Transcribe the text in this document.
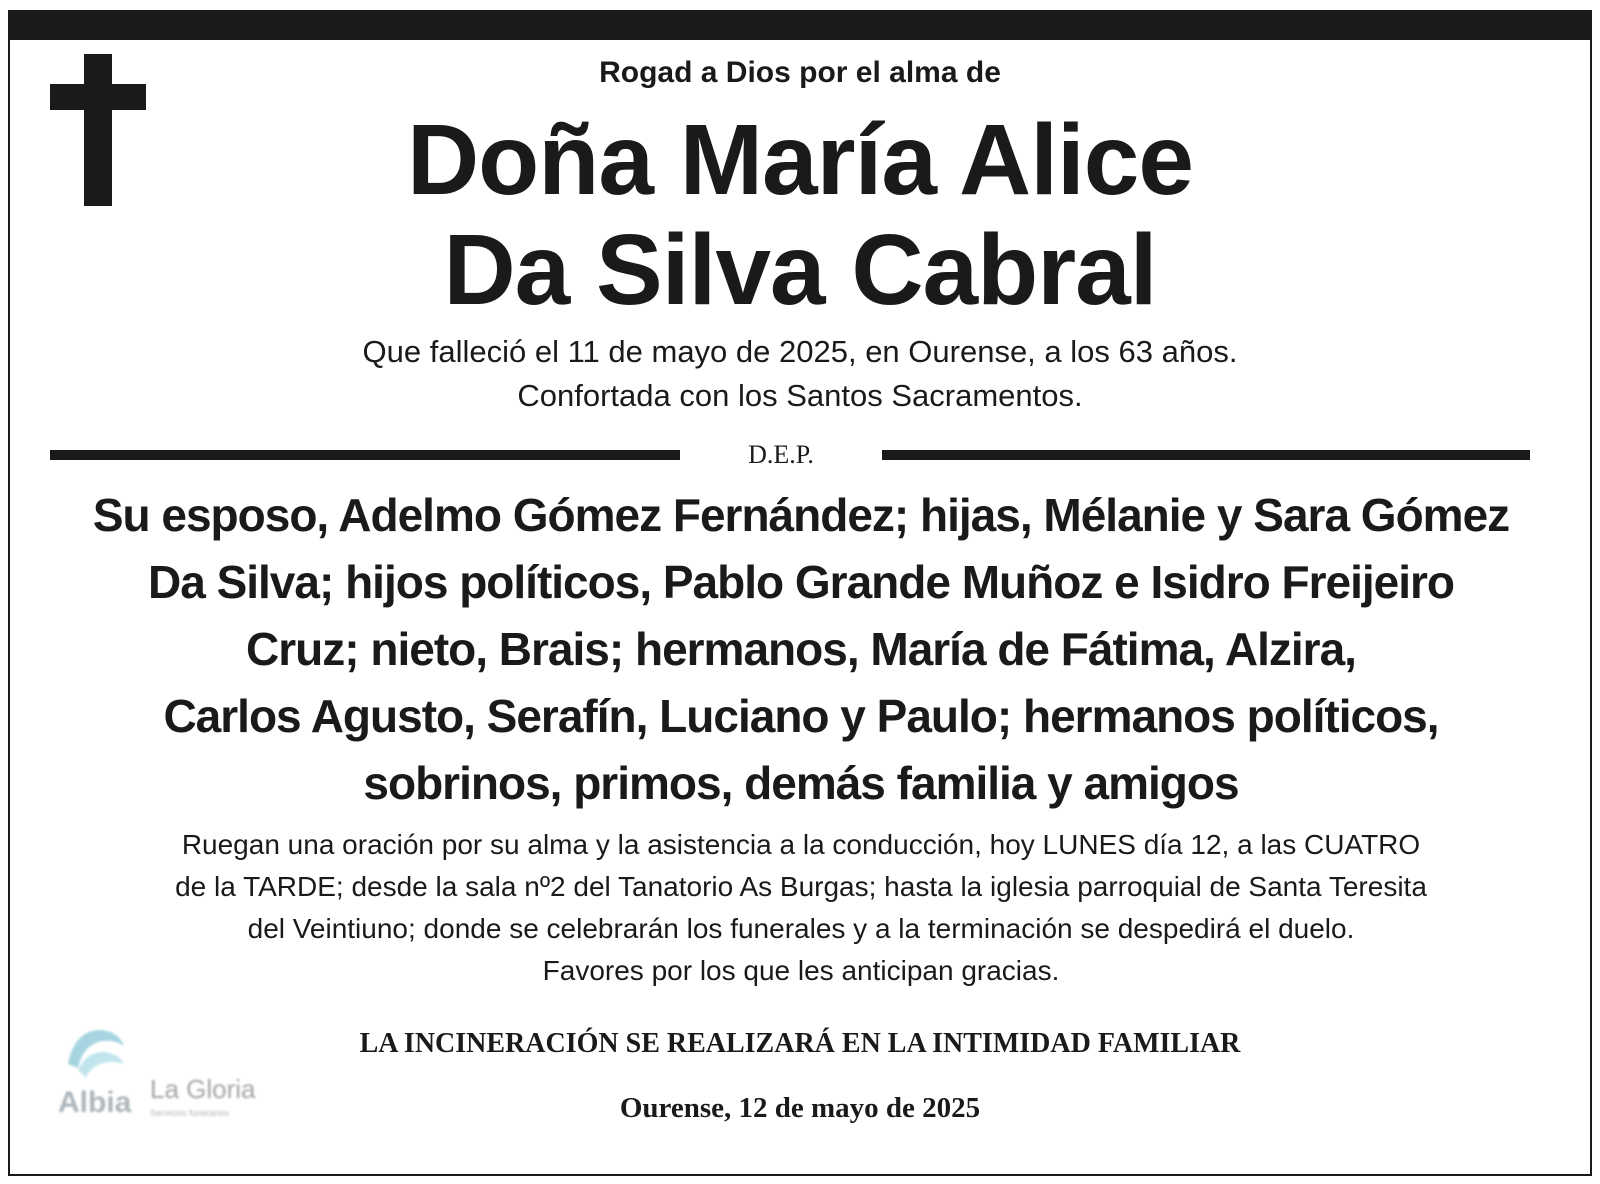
Rogad a Dios por el alma de

Doña María Alice

Da Silva Cabral

Que falleció el 11 de mayo de 2025, en Ourense, a los 63 años.
Confortada con los Santos Sacramentos.

D.E.P.

Su esposo, Adelmo Gómez Fernández; hijas, Mélanie y Sara Gómez
Da Silva; hijos políticos, Pablo Grande Muñoz e Isidro Freijeiro
Cruz; nieto, Brais; hermanos, María de Fátima, Alzira,
Carlos Agusto, Serafín, Luciano y Paulo; hermanos políticos,
sobrinos, primos, demás familia y amigos

Ruegan una oración por su alma y la asistencia a la conducción, hoy LUNES día 12, a las CUATRO
de la TARDE; desde la sala nº2 del Tanatorio As Burgas; hasta la iglesia parroquial de Santa Teresita
del Veintiuno; donde se celebrarán los funerales y a la terminación se despedirá el duelo.
Favores por los que les anticipan gracias.

Albia La Gloria
Servicios funerarios

LA INCINERACIÓN SE REALIZARÁ EN LA INTIMIDAD FAMILIAR

Ourense, 12 de mayo de 2025
